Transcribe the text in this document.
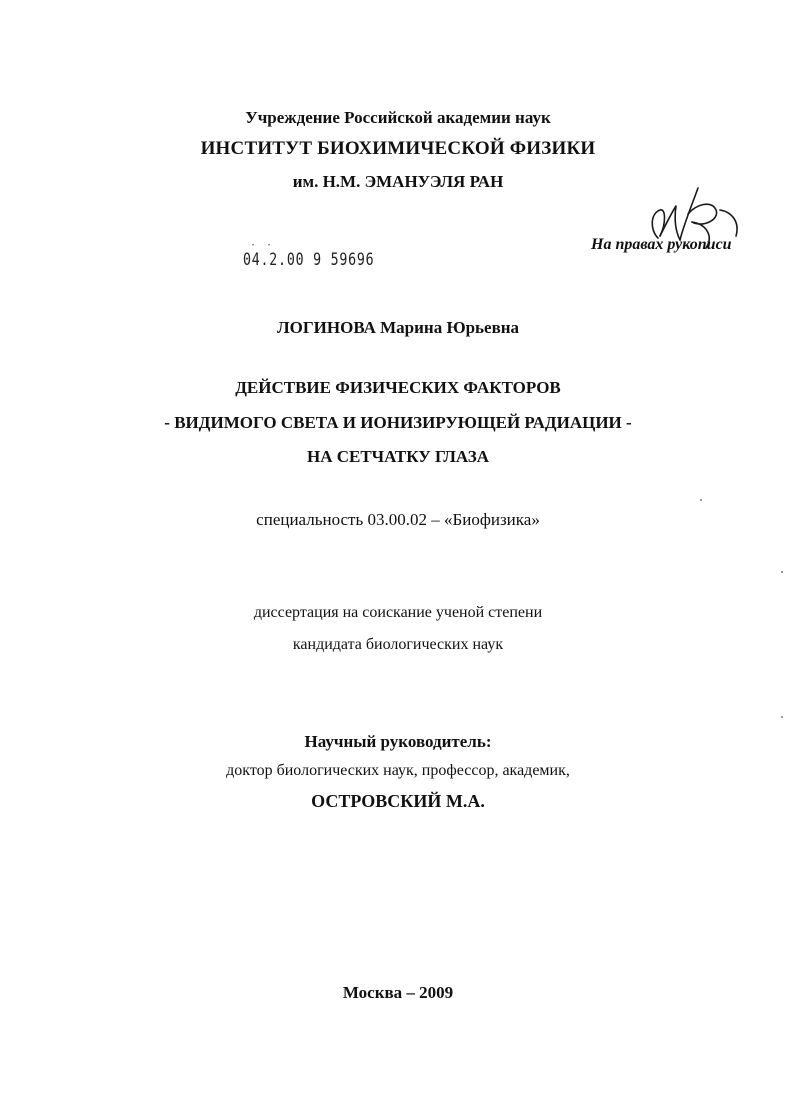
Учреждение Российской академии наук
ИНСТИТУТ БИОХИМИЧЕСКОЙ ФИЗИКИ
им. Н.М. ЭМАНУЭЛЯ РАН
· ·
04.2.00 9 59696
На правах рукописи
ЛОГИНОВА Марина Юрьевна
ДЕЙСТВИЕ ФИЗИЧЕСКИХ ФАКТОРОВ
- ВИДИМОГО СВЕТА И ИОНИЗИРУЮЩЕЙ РАДИАЦИИ -
НА СЕТЧАТКУ ГЛАЗА
специальность 03.00.02 – «Биофизика»
диссертация на соискание ученой степени
кандидата биологических наук
Научный руководитель:
доктор биологических наук, профессор, академик,
ОСТРОВСКИЙ М.А.
Москва – 2009
